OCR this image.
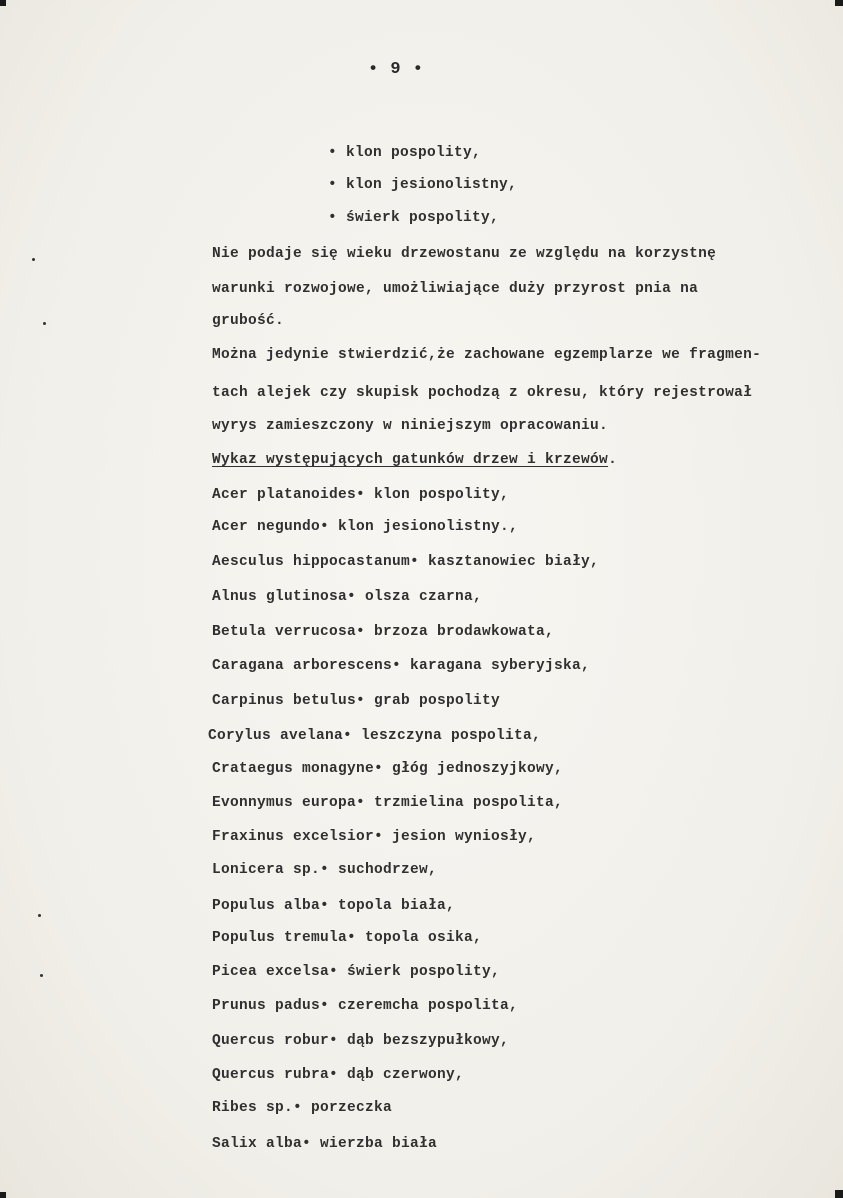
• 9 •
• klon pospolity,
• klon jesionolistny,
• świerk pospolity,
Nie podaje się wieku drzewostanu ze względu na korzystnę
warunki rozwojowe, umożliwiające duży przyrost pnia na
grubość.
Można jedynie stwierdzić,że zachowane egzemplarze we fragmen-
tach alejek czy skupisk pochodzą z okresu, który rejestrował
wyrys zamieszczony w niniejszym opracowaniu.
Wykaz występujących gatunków drzew i krzewów.
Acer platanoides• klon pospolity,
Acer negundo• klon jesionolistny.,
Aesculus hippocastanum• kasztanowiec biały,
Alnus glutinosa• olsza czarna,
Betula verrucosa• brzoza brodawkowata,
Caragana arborescens• karagana syberyjska,
Carpinus betulus• grab pospolity
Corylus avelana• leszczyna pospolita,
Crataegus monagyne• głóg jednoszyjkowy,
Evonnymus europa• trzmielina pospolita,
Fraxinus excelsior• jesion wyniosły,
Lonicera sp.• suchodrzew,
Populus alba• topola biała,
Populus tremula• topola osika,
Picea excelsa• świerk pospolity,
Prunus padus• czeremcha pospolita,
Quercus robur• dąb bezszypułkowy,
Quercus rubra• dąb czerwony,
Ribes sp.• porzeczka
Salix alba• wierzba biała
